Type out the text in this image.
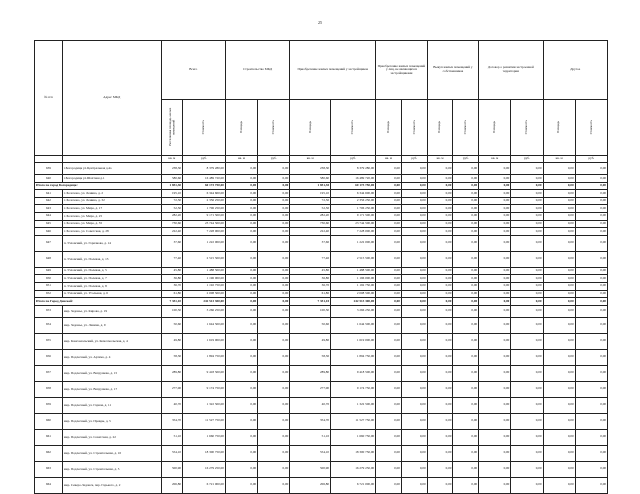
25
№ п/п	Адрес МКД	Всего		Строительство МКД		Приобретение жилых помещений у застройщиков		Приобретение жилых помещений у лиц, не являющихся застройщиками		Выкуп жилых помещений у собственников		Договор о развитии застроенной территории		Другое	
		Расселяемая площадь жилых помещений	Стоимость	Площадь	Стоимость	Площадь	Стоимость	Площадь	Стоимость	Площадь	Стоимость	Площадь	Стоимость	Площадь	Стоимость
		кв. м	руб.	кв. м	руб.	кв. м	руб.	кв. м	руб.	кв. м	руб.	кв. м	руб.	кв. м	руб.
639	г.Богородицк ул.Центральная д.4а	238,30	8 379 280,00	0,00	0,00	238,30	8 379 280,00	0,00	0,00	0,00	0,00	0,00	0,00	0,00	0,00
640	г.Богородицк ул.Шахтная д.1	580,60	16 489 720,00	0,00	0,00	580,60	16 489 720,00	0,00	0,00	0,00	0,00	0,00	0,00	0,00	0,00
Итого по город Богородицк:		1 851,30	60 173 750,00	0,00	0,00	1 851,30	60 173 750,00	0,00	0,00	0,00	0,00	0,00	0,00	0,00	0,00
641	г. Болохово, ул. Ленина, д. 2	195,10	6 344 600,00	0,00	0,00	195,10	6 344 600,00	0,00	0,00	0,00	0,00	0,00	0,00	0,00	0,00
642	г. Болохово, ул. Ленина, д. 32	72,50	2 356 250,00	0,00	0,00	72,50	2 356 250,00	0,00	0,00	0,00	0,00	0,00	0,00	0,00	0,00
643	г. Болохово, ул. Мира, д. 17	52,50	1 706 250,00	0,00	0,00	52,50	1 706 250,00	0,00	0,00	0,00	0,00	0,00	0,00	0,00	0,00
644	г. Болохово, ул. Мира, д. 25	282,20	9 171 500,00	0,00	0,00	282,20	9 171 500,00	0,00	0,00	0,00	0,00	0,00	0,00	0,00	0,00
645	г. Болохово, ул. Мира, д. 35	730,60	23 744 500,00	0,00	0,00	730,60	23 744 500,00	0,00	0,00	0,00	0,00	0,00	0,00	0,00	0,00
646	г. Болохово, ул. Советская, д. 28	222,40	7 228 000,00	0,00	0,00	222,40	7 228 000,00	0,00	0,00	0,00	0,00	0,00	0,00	0,00	0,00
647	п. Узловский, ул. Горячкова, д. 14	37,60	1 222 000,00	0,00	0,00	37,60	1 222 000,00	0,00	0,00	0,00	0,00	0,00	0,00	0,00	0,00
648	п. Узловский, ул. Полевая, д. 13	77,40	2 515 500,00	0,00	0,00	77,40	2 515 500,00	0,00	0,00	0,00	0,00	0,00	0,00	0,00	0,00
649	п. Узловский, ул. Полевая, д. 5	45,80	1 488 500,00	0,00	0,00	45,80	1 488 500,00	0,00	0,00	0,00	0,00	0,00	0,00	0,00	0,00
650	п. Узловский, ул. Полевая, д. 7	36,80	1 196 000,00	0,00	0,00	36,80	1 196 000,00	0,00	0,00	0,00	0,00	0,00	0,00	0,00	0,00
651	п. Узловский, ул. Полевая, д. 8	36,70	1 192 750,00	0,00	0,00	36,70	1 192 750,00	0,00	0,00	0,00	0,00	0,00	0,00	0,00	0,00
652	п. Узловский, ул. Угольная, д. 6	61,80	2 008 500,00	0,00	0,00	61,80	2 008 500,00	0,00	0,00	0,00	0,00	0,00	0,00	0,00	0,00
Итого по Город Донской:		7 351,10	242 513 300,00	0,00	0,00	7 351,10	242 513 300,00	0,00	0,00	0,00	0,00	0,00	0,00	0,00	0,00
653	мкр. Задонье, ул. Кирова, д. 19	100,50	3 266 250,00	0,00	0,00	100,50	3 266 250,00	0,00	0,00	0,00	0,00	0,00	0,00	0,00	0,00
654	мкр. Задонье, ул. Ленина, д. 9	50,60	1 644 500,00	0,00	0,00	50,60	1 644 500,00	0,00	0,00	0,00	0,00	0,00	0,00	0,00	0,00
655	мкр. Комсомольский, ул. Комсомольская, д. 4	49,80	1 619 000,00	0,00	0,00	49,80	1 619 000,00	0,00	0,00	0,00	0,00	0,00	0,00	0,00	0,00
656	мкр. Подлесный, ул. Артема, д. 4	58,30	1 894 750,00	0,00	0,00	58,30	1 894 750,00	0,00	0,00	0,00	0,00	0,00	0,00	0,00	0,00
657	мкр. Подлесный, ул. Вахрушева, д. 15	289,80	9 418 500,00	0,00	0,00	289,80	9 418 500,00	0,00	0,00	0,00	0,00	0,00	0,00	0,00	0,00
658	мкр. Подлесный, ул. Вахрушева, д. 17	277,00	9 174 750,00	0,00	0,00	277,00	9 174 750,00	0,00	0,00	0,00	0,00	0,00	0,00	0,00	0,00
659	мкр. Подлесный, ул. Горная, д. 11	40,70	1 322 500,00	0,00	0,00	40,70	1 322 500,00	0,00	0,00	0,00	0,00	0,00	0,00	0,00	0,00
660	мкр. Подлесный, ул. Правды, д. 5	354,70	11 527 750,00	0,00	0,00	354,70	11 527 750,00	0,00	0,00	0,00	0,00	0,00	0,00	0,00	0,00
661	мкр. Подлесный, ул. Советская, д. 22	51,10	1 660 750,00	0,00	0,00	51,10	1 660 750,00	0,00	0,00	0,00	0,00	0,00	0,00	0,00	0,00
662	мкр. Подлесный, ул. Строительная, д. 10	554,10	18 300 750,00	0,00	0,00	554,10	18 300 750,00	0,00	0,00	0,00	0,00	0,00	0,00	0,00	0,00
663	мкр. Подлесный, ул. Строительная, д. 5	500,90	16 279 250,00	0,00	0,00	500,90	16 279 250,00	0,00	0,00	0,00	0,00	0,00	0,00	0,00	0,00
664	мкр. Северо-Задонск, пер. Горького, д. 2	206,80	6 721 000,00	0,00	0,00	206,80	6 721 000,00	0,00	0,00	0,00	0,00	0,00	0,00	0,00	0,00
